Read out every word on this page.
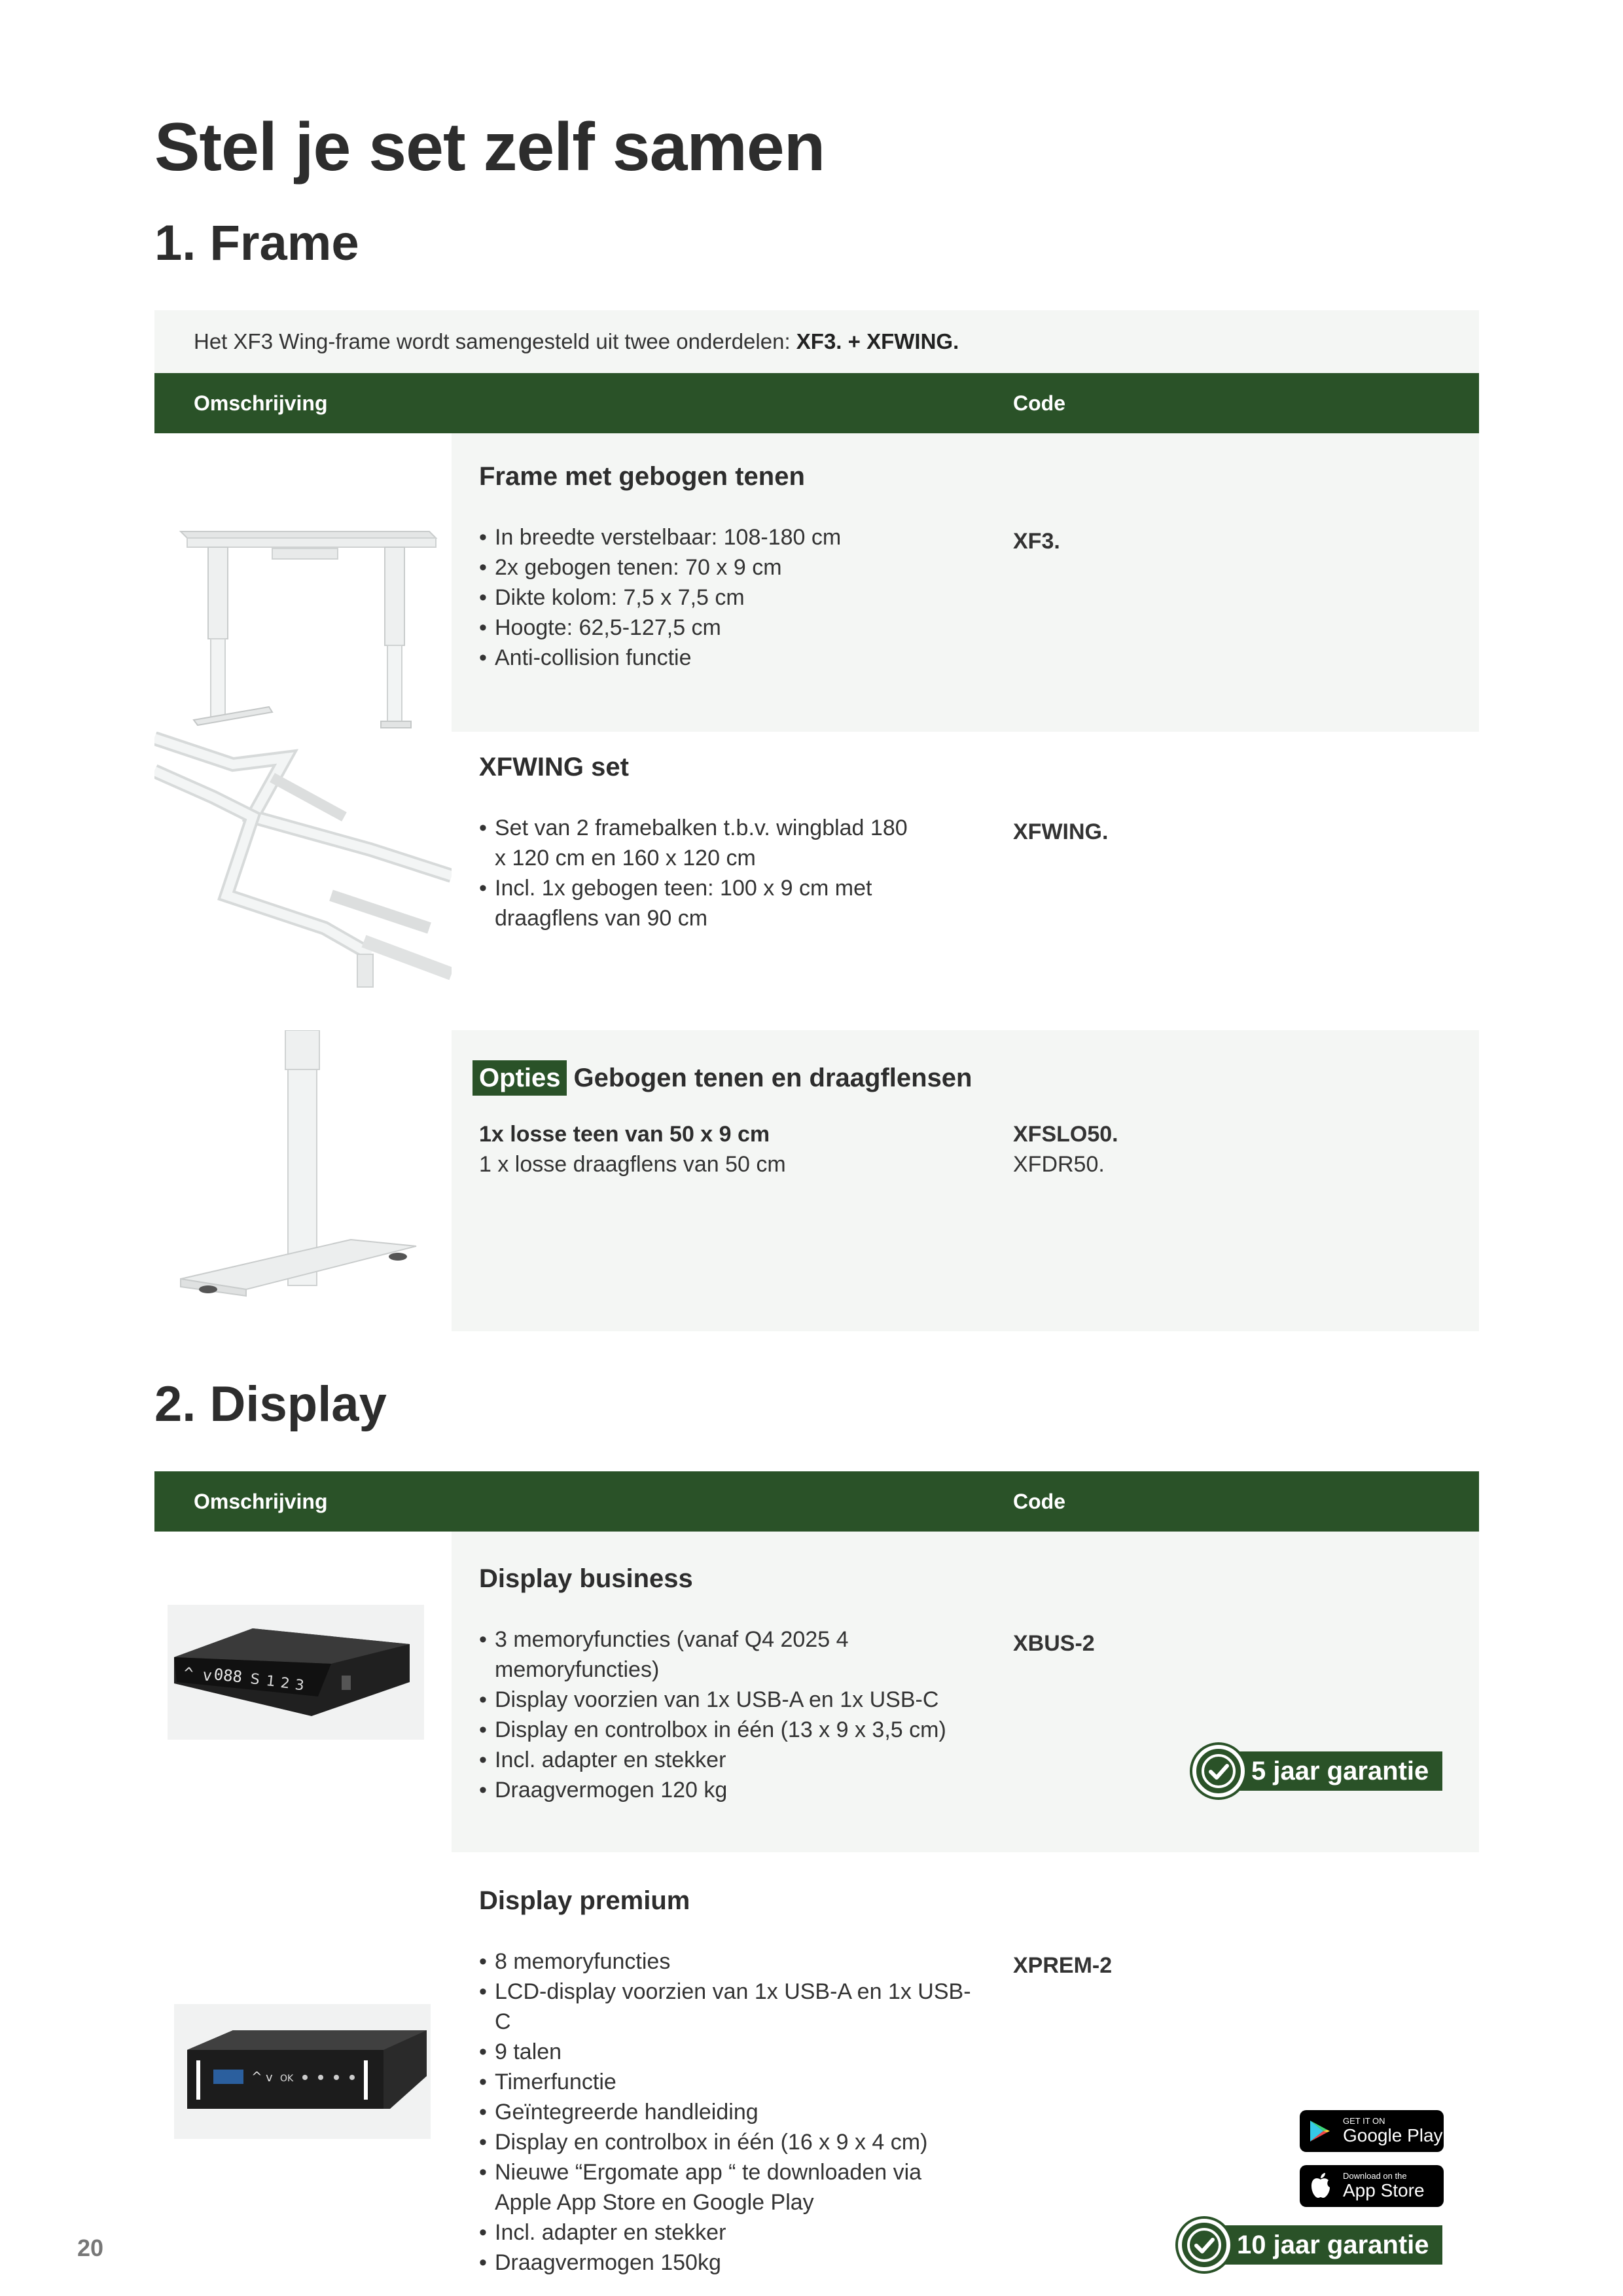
Stel je set zelf samen
1. Frame
Het XF3 Wing-frame wordt samengesteld uit twee onderdelen: XF3. + XFWING.
Omschrijving	Code
Frame met gebogen tenen
• In breedte verstelbaar: 108-180 cm
• 2x gebogen tenen: 70 x 9 cm
• Dikte kolom: 7,5 x 7,5 cm
• Hoogte: 62,5-127,5 cm
• Anti-collision functie
XF3.
XFWING set
• Set van 2 framebalken t.b.v. wingblad 180 x 120 cm en 160 x 120 cm
• Incl. 1x gebogen teen: 100 x 9 cm met draagflens van 90 cm
XFWING.
Opties Gebogen tenen en draagflensen
1x losse teen van 50 x 9 cm
1 x losse draagflens van 50 cm
XFSLO50.
XFDR50.
2. Display
Omschrijving	Code
^ v 088 S 1 2 3
Display business
• 3 memoryfuncties (vanaf Q4 2025 4 memoryfuncties)
• Display voorzien van 1x USB-A en 1x USB-C
• Display en controlbox in één (13 x 9 x 3,5 cm)
• Incl. adapter en stekker
• Draagvermogen 120 kg
XBUS-2
5 jaar garantie
^ v OK
Display premium
• 8 memoryfuncties
• LCD-display voorzien van 1x USB-A en 1x USB-C
• 9 talen
• Timerfunctie
• Geïntegreerde handleiding
• Display en controlbox in één (16 x 9 x 4 cm)
• Nieuwe “Ergomate app “ te downloaden via Apple App Store en Google Play
• Incl. adapter en stekker
• Draagvermogen 150kg
XPREM-2
GET IT ON
Google Play
Download on the
App Store
10 jaar garantie
20
